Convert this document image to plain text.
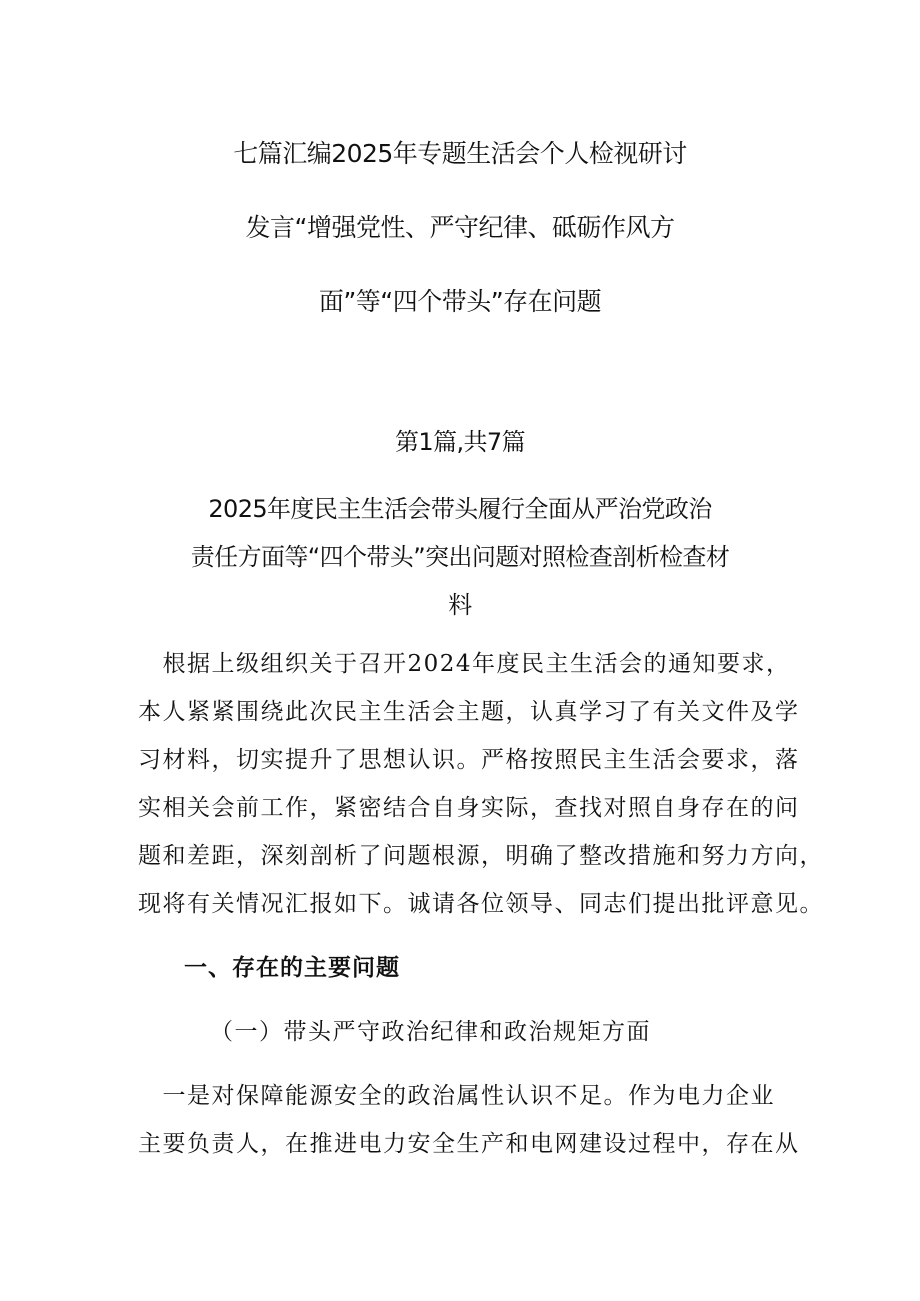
七篇汇编2025年专题生活会个人检视研讨
发言“增强党性、严守纪律、砥砺作风方
面”等“四个带头”存在问题
第1篇,共7篇
2025年度民主生活会带头履行全面从严治党政治
责任方面等“四个带头”突出问题对照检查剖析检查材
料
　根据上级组织关于召开2024年度民主生活会的通知要求，
本人紧紧围绕此次民主生活会主题，认真学习了有关文件及学
习材料，切实提升了思想认识。严格按照民主生活会要求，落
实相关会前工作，紧密结合自身实际，查找对照自身存在的问
题和差距，深刻剖析了问题根源，明确了整改措施和努力方向，
现将有关情况汇报如下。诚请各位领导、同志们提出批评意见。
一、存在的主要问题
（一）带头严守政治纪律和政治规矩方面
　一是对保障能源安全的政治属性认识不足。作为电力企业
主要负责人，在推进电力安全生产和电网建设过程中，存在从
